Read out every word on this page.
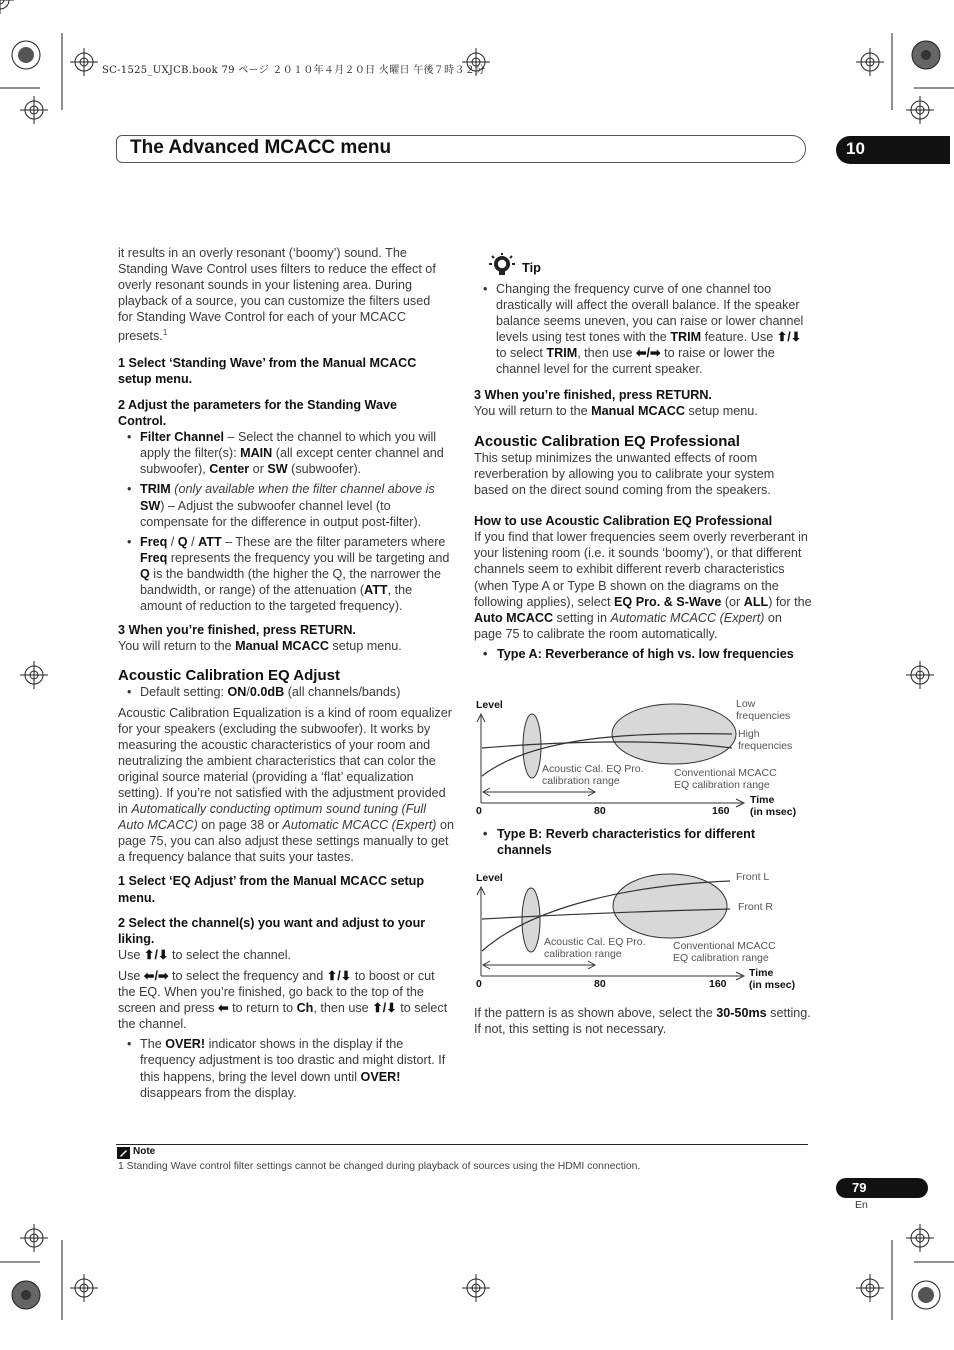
SC-1525_UXJCB.book 79 ページ ２０１０年４月２０日 火曜日 午後７時３２分
The Advanced MCACC menu	10

it results in an overly resonant (‘boomy’) sound. The

Standing Wave Control uses filters to reduce the effect of

overly resonant sounds in your listening area. During

playback of a source, you can customize the filters used

for Standing Wave Control for each of your MCACC

presets.$^1$

1 Select ‘Standing Wave’ from the Manual MCACC

setup menu.

2 Adjust the parameters for the Standing Wave

Control.

• Filter Channel – Select the channel to which you will apply the filter(s): MAIN (all except center channel and subwoofer), Center or SW (subwoofer).
• TRIM (only available when the filter channel above is SW) – Adjust the subwoofer channel level (to compensate for the difference in output post-filter).
• Freq / Q / ATT – These are the filter parameters where Freq represents the frequency you will be targeting and Q is the bandwidth (the higher the Q, the narrower the bandwidth, or range) of the attenuation (ATT, the amount of reduction to the targeted frequency).

3 When you’re finished, press RETURN.

You will return to the Manual MCACC setup menu.

Acoustic Calibration EQ Adjust

• Default setting: ON/0.0dB (all channels/bands)

Acoustic Calibration Equalization is a kind of room equalizer for your speakers (excluding the subwoofer). It works by measuring the acoustic characteristics of your room and neutralizing the ambient characteristics that can color the original source material (providing a ‘flat’ equalization setting). If you’re not satisfied with the adjustment provided in Automatically conducting optimum sound tuning (Full Auto MCACC) on page 38 or Automatic MCACC (Expert) on page 75, you can also adjust these settings manually to get a frequency balance that suits your tastes.

1 Select ‘EQ Adjust’ from the Manual MCACC setup

menu.

2 Select the channel(s) you want and adjust to your

liking.

Use ⬆/⬇ to select the channel.

Use ⬅/➡ to select the frequency and ⬆/⬇ to boost or cut the EQ. When you’re finished, go back to the top of the screen and press ⬅ to return to Ch, then use ⬆/⬇ to select the channel.

• The OVER! indicator shows in the display if the frequency adjustment is too drastic and might distort. If this happens, bring the level down until OVER! disappears from the display.
Tip
• Changing the frequency curve of one channel too drastically will affect the overall balance. If the speaker balance seems uneven, you can raise or lower channel levels using test tones with the TRIM feature. Use ⬆/⬇ to select TRIM, then use ⬅/➡ to raise or lower the channel level for the current speaker.

3 When you’re finished, press RETURN.

You will return to the Manual MCACC setup menu.

Acoustic Calibration EQ Professional

This setup minimizes the unwanted effects of room reverberation by allowing you to calibrate your system based on the direct sound coming from the speakers.

How to use Acoustic Calibration EQ Professional

If you find that lower frequencies seem overly reverberant in your listening room (i.e. it sounds ‘boomy’), or that different channels seem to exhibit different reverb characteristics (when Type A or Type B shown on the diagrams on the following applies), select EQ Pro. & S-Wave (or ALL) for the Auto MCACC setting in Automatic MCACC (Expert) on page 75 to calibrate the room automatically.

• Type A: Reverberance of high vs. low frequencies
Level	Low
frequencies
High
frequencies
Acoustic Cal. EQ Pro.
calibration range
Conventional MCACC
EQ calibration range
0	80	160
Time
(in msec)
• Type B: Reverb characteristics for different
channels
Level	Front L
Front R
Acoustic Cal. EQ Pro.
calibration range
Conventional MCACC
EQ calibration range
0	80	160
Time
(in msec)

If the pattern is as shown above, select the 30-50ms setting. If not, this setting is not necessary.

Note
1 Standing Wave control filter settings cannot be changed during playback of sources using the HDMI connection.
79
En
